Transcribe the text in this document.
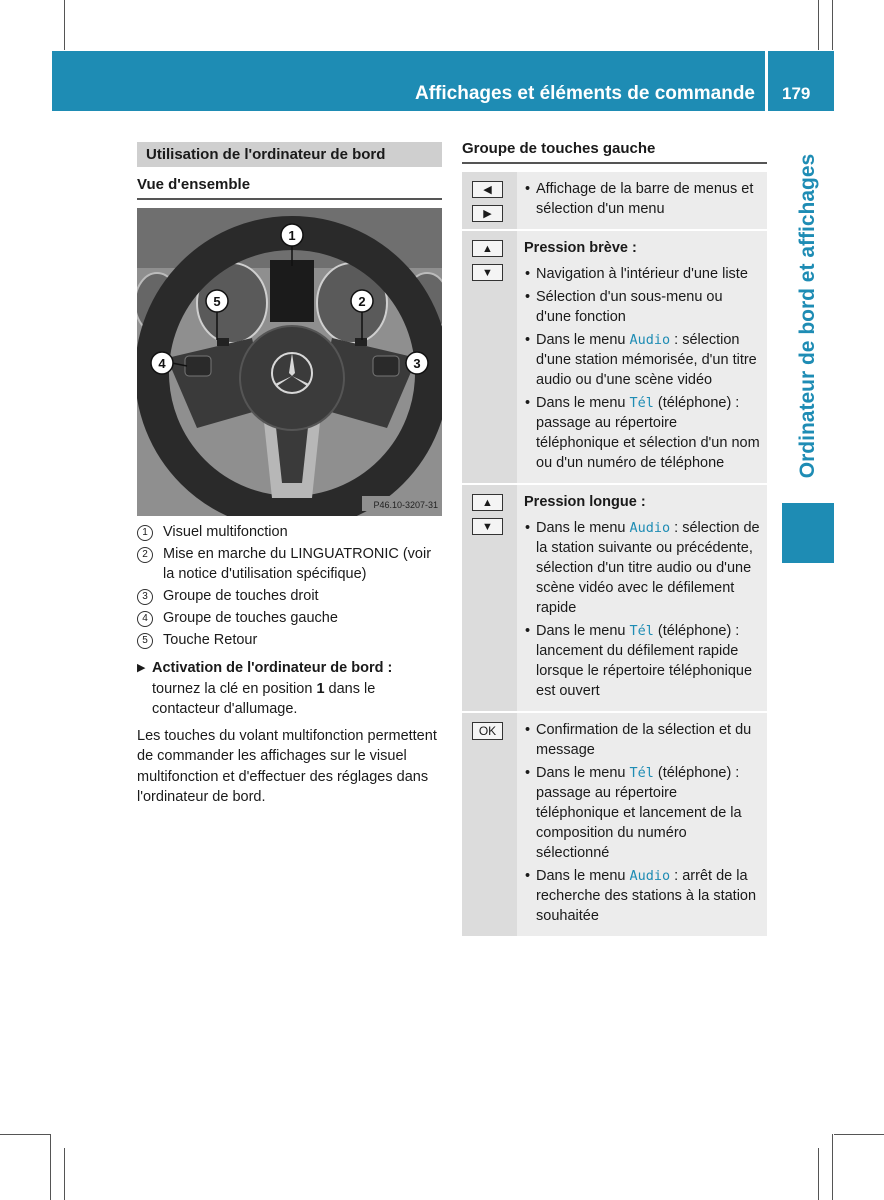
Affichages et éléments de commande 179
Ordinateur de bord et affichages
Utilisation de l'ordinateur de bord
Vue d'ensemble
1
2
3
4
5
P46.10-3207-31
1	Visuel multifonction
2	Mise en marche du LINGUATRONIC (voir la notice d'utilisation spécifique)
3	Groupe de touches droit
4	Groupe de touches gauche
5	Touche Retour
▶ Activation de l'ordinateur de bord : tournez la clé en position 1 dans le contacteur d'allumage.
Les touches du volant multifonction permettent de commander les affichages sur le visuel multifonction et d'effectuer des réglages dans l'ordinateur de bord.
Groupe de touches gauche
◀
▶
• Affichage de la barre de menus et sélection d'un menu
▲
▼
Pression brève :
• Navigation à l'intérieur d'une liste
• Sélection d'un sous-menu ou d'une fonction
• Dans le menu Audio : sélection d'une station mémorisée, d'un titre audio ou d'une scène vidéo
• Dans le menu Tél (téléphone) : passage au répertoire téléphonique et sélection d'un nom ou d'un numéro de téléphone
▲
▼
Pression longue :
• Dans le menu Audio : sélection de la station suivante ou précédente, sélection d'un titre audio ou d'une scène vidéo avec le défilement rapide
• Dans le menu Tél (téléphone) : lancement du défilement rapide lorsque le répertoire téléphonique est ouvert
OK
•	Confirmation de la sélection et du message
• Dans le menu Tél (téléphone) : passage au répertoire téléphonique et lancement de la composition du numéro sélectionné
• Dans le menu Audio : arrêt de la recherche des stations à la station souhaitée
